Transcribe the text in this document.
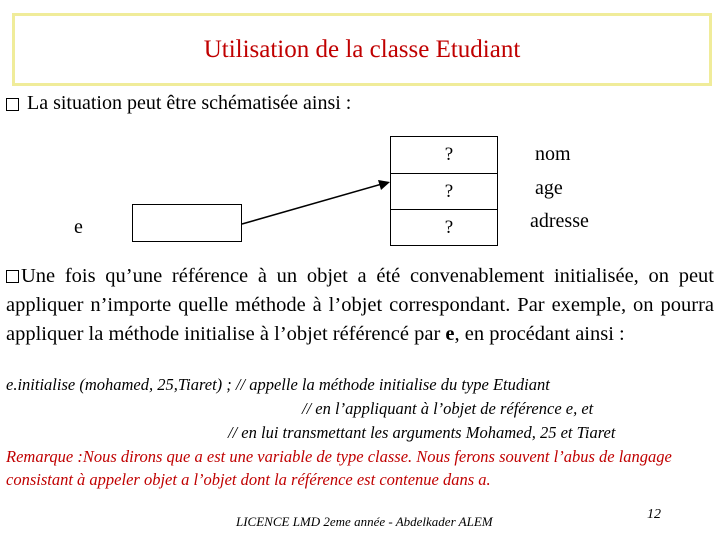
Utilisation de la classe Etudiant
La situation peut être schématisée ainsi :
e
?
?
?
nom
age
adresse
Une fois qu’une référence à un objet a été convenablement initialisée, on peut appliquer n’importe quelle méthode à l’objet correspondant. Par exemple, on pourra appliquer la méthode initialise à l’objet référencé par e, en procédant ainsi :
e.initialise (mohamed, 25,Tiaret) ; // appelle la méthode initialise du type Etudiant
// en l’appliquant à l’objet de référence e, et
// en lui transmettant les arguments Mohamed, 25 et Tiaret
Remarque :Nous dirons que a est une variable de type classe. Nous ferons souvent l’abus de langage consistant à appeler objet a l’objet dont la référence est contenue dans a.
LICENCE LMD 2eme année - Abdelkader ALEM	12
